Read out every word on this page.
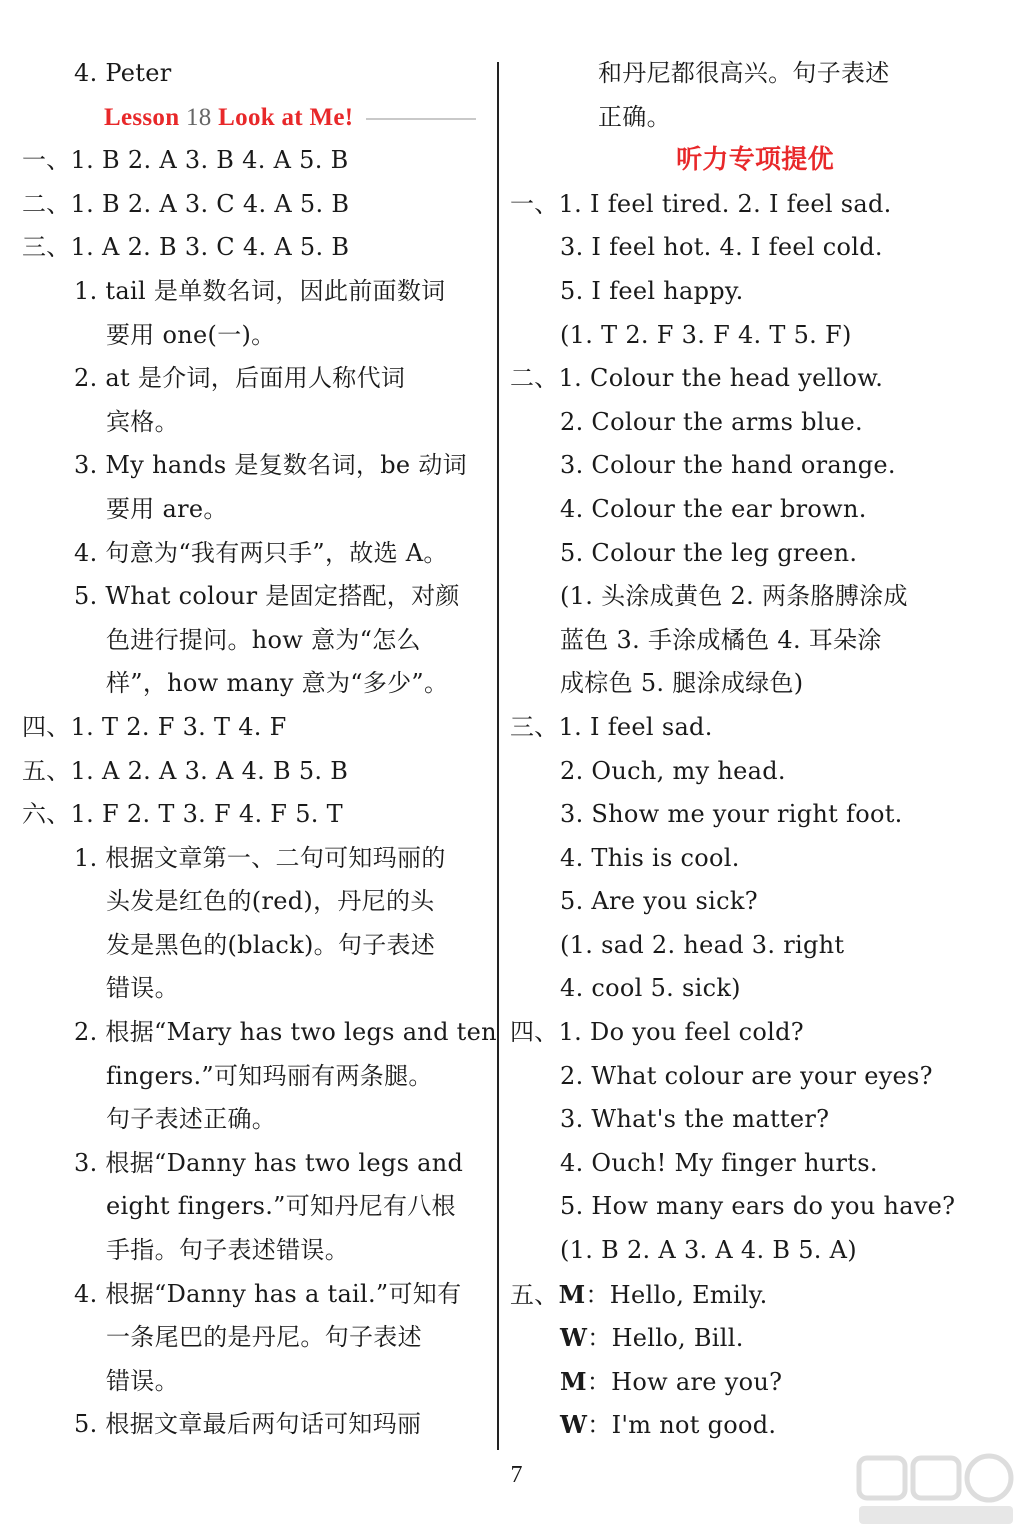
4. Peter
Lesson 18 Look at Me!
一、1. B 2. A 3. B 4. A 5. B
二、1. B 2. A 3. C 4. A 5. B
三、1. A 2. B 3. C 4. A 5. B
1. tail 是单数名词，因此前面数词
要用 one(一)。
2. at 是介词，后面用人称代词
宾格。
3. My hands 是复数名词，be 动词
要用 are。
4. 句意为“我有两只手”，故选 A。
5. What colour 是固定搭配，对颜
色进行提问。how 意为“怎么
样”，how many 意为“多少”。
四、1. T 2. F 3. T 4. F
五、1. A 2. A 3. A 4. B 5. B
六、1. F 2. T 3. F 4. F 5. T
1. 根据文章第一、二句可知玛丽的
头发是红色的(red)，丹尼的头
发是黑色的(black)。句子表述
错误。
2. 根据“Mary has two legs and ten
fingers.”可知玛丽有两条腿。
句子表述正确。
3. 根据“Danny has two legs and
eight fingers.”可知丹尼有八根
手指。句子表述错误。
4. 根据“Danny has a tail.”可知有
一条尾巴的是丹尼。句子表述
错误。
5. 根据文章最后两句话可知玛丽
和丹尼都很高兴。句子表述
正确。
听力专项提优
一、1. I feel tired. 2. I feel sad.
3. I feel hot. 4. I feel cold.
5. I feel happy.
(1. T 2. F 3. F 4. T 5. F)
二、1. Colour the head yellow.
2. Colour the arms blue.
3. Colour the hand orange.
4. Colour the ear brown.
5. Colour the leg green.
(1. 头涂成黄色 2. 两条胳膊涂成
蓝色 3. 手涂成橘色 4. 耳朵涂
成棕色 5. 腿涂成绿色)
三、1. I feel sad.
2. Ouch, my head.
3. Show me your right foot.
4. This is cool.
5. Are you sick?
(1. sad 2. head 3. right
4. cool 5. sick)
四、1. Do you feel cold?
2. What colour are your eyes?
3. What's the matter?
4. Ouch! My finger hurts.
5. How many ears do you have?
(1. B 2. A 3. A 4. B 5. A)
五、M：Hello, Emily.
W：Hello, Bill.
M：How are you?
W：I'm not good.
7
